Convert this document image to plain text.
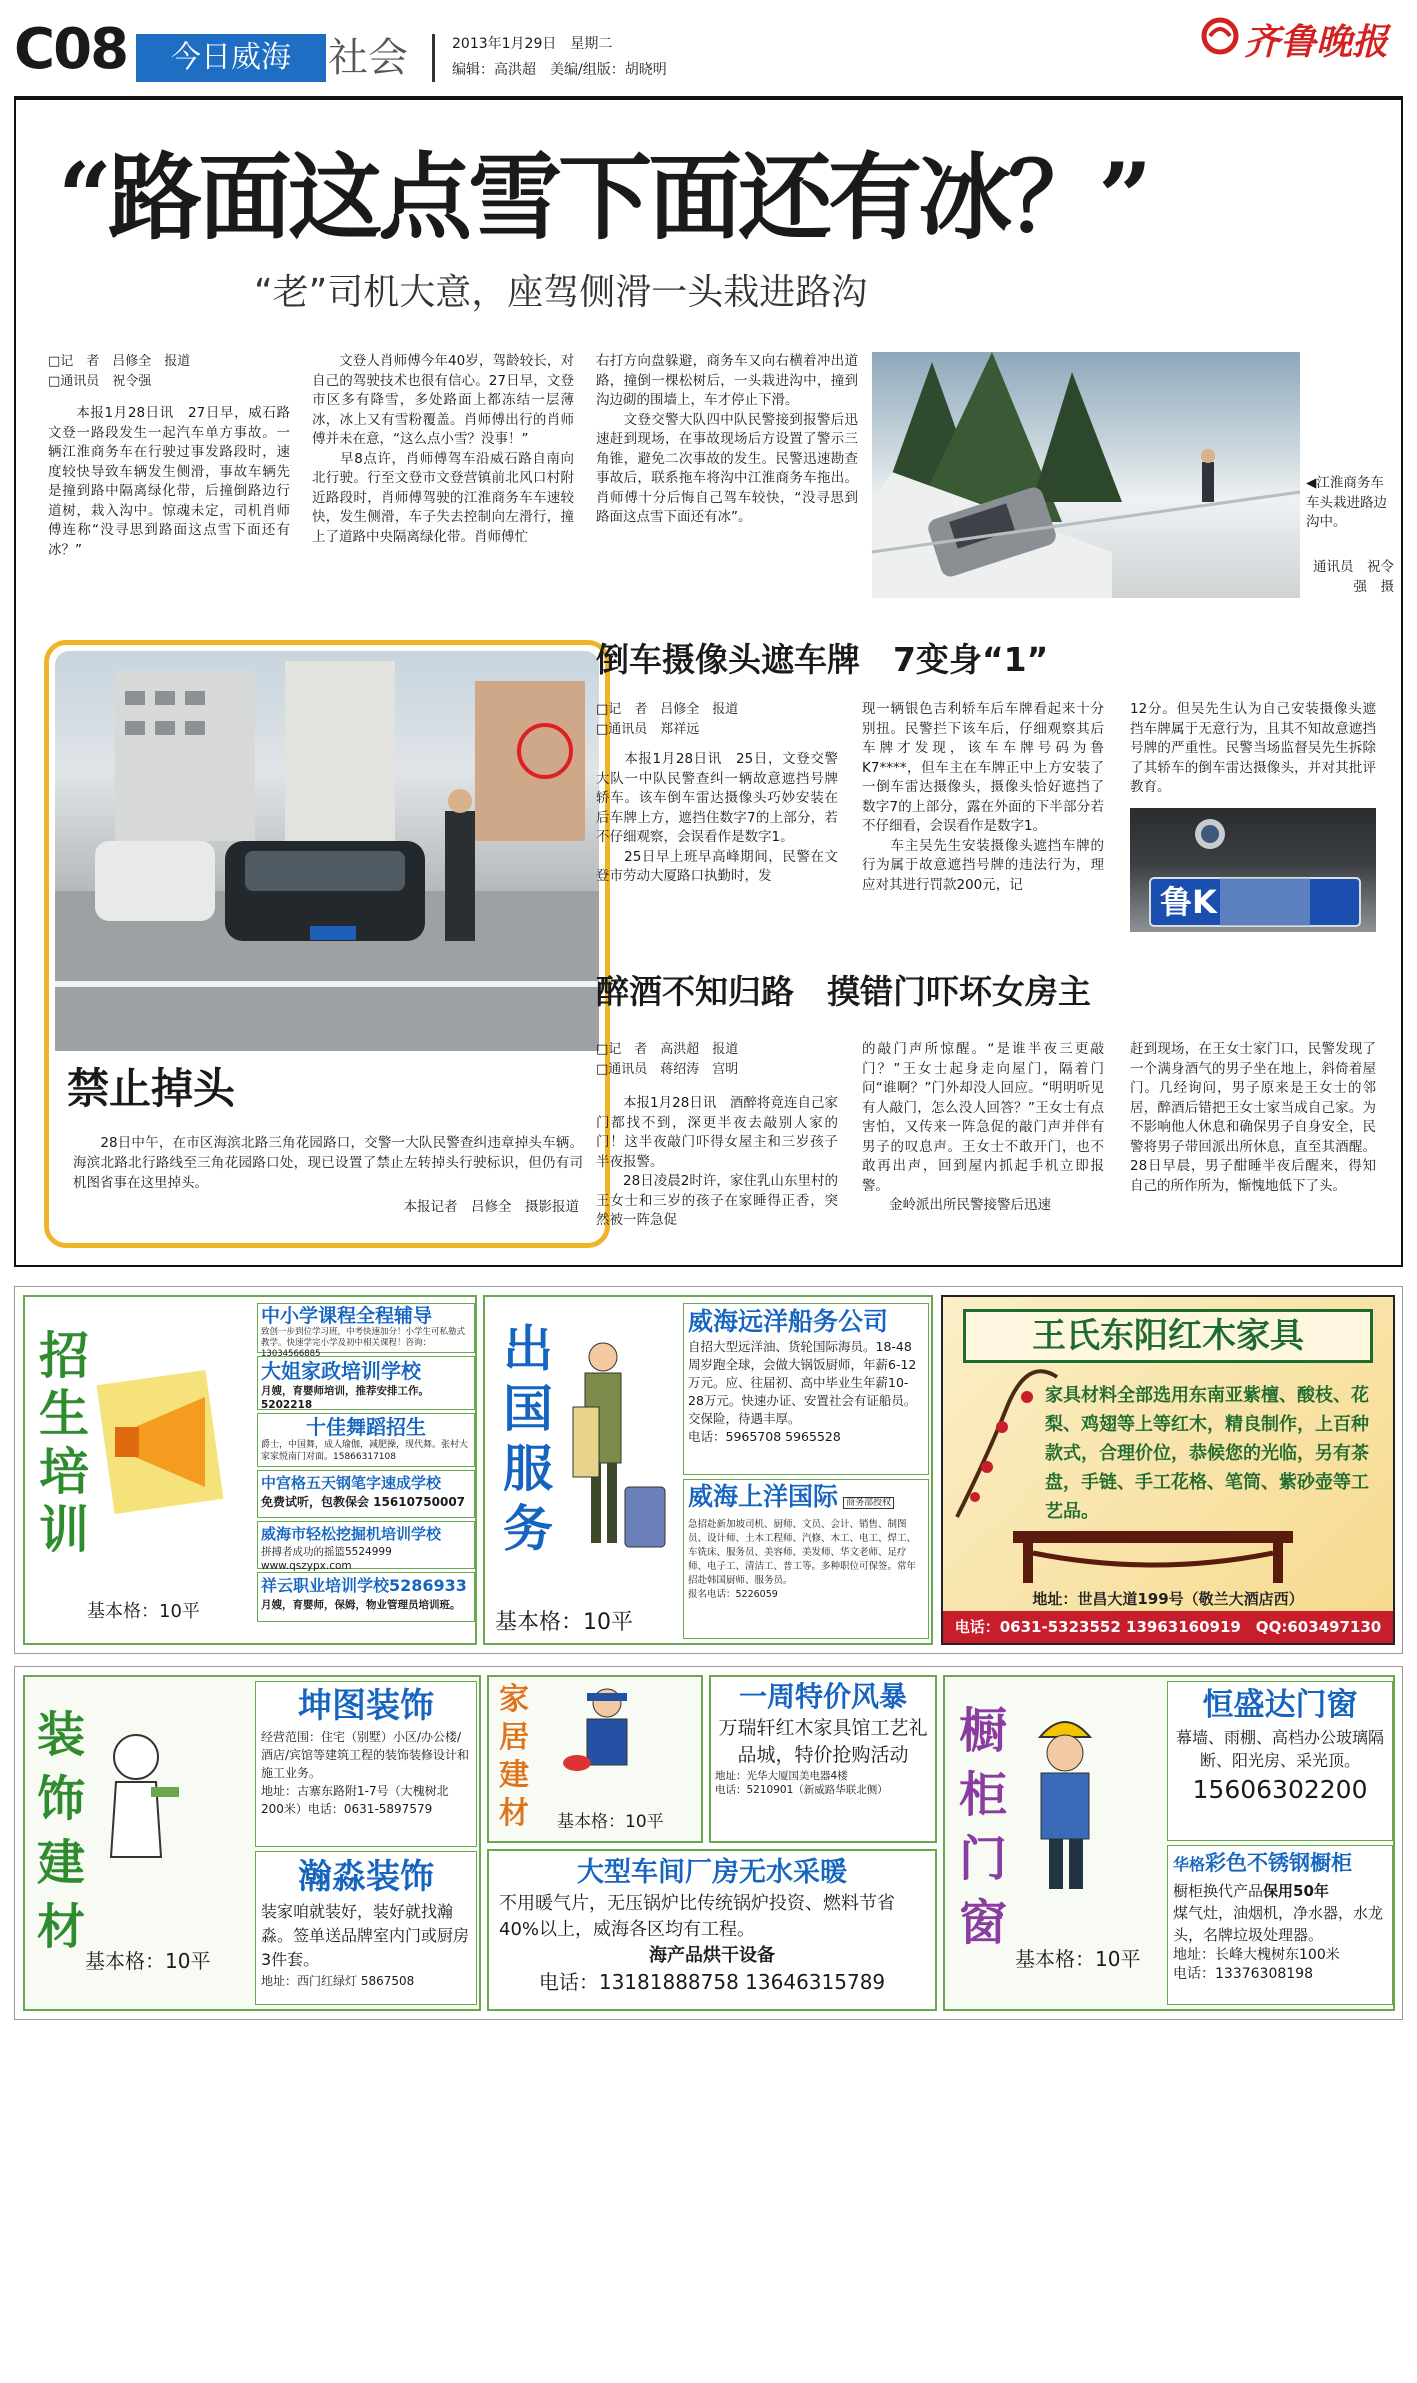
C08	今日威海 社会	2013年1月29日　星期二
编辑：高洪超　美编/组版：胡晓明
齐鲁晚报
“路面这点雪下面还有冰？”
“老”司机大意，座驾侧滑一头栽进路沟
□记　者　吕修全　报道
□通讯员　祝令强
　　本报1月28日讯　27日早，威石路文登一路段发生一起汽车单方事故。一辆江淮商务车在行驶过事发路段时，速度较快导致车辆发生侧滑，事故车辆先是撞到路中隔离绿化带，后撞倒路边行道树，栽入沟中。惊魂未定，司机肖师傅连称“没寻思到路面这点雪下面还有冰？”
　　文登人肖师傅今年40岁，驾龄较长，对自己的驾驶技术也很有信心。27日早，文登市区多有降雪，多处路面上都冻结一层薄冰，冰上又有雪粉覆盖。肖师傅出行的肖师傅并未在意，“这么点小雪？没事！”
　　早8点许，肖师傅驾车沿威石路自南向北行驶。行至文登市文登营镇前北风口村附近路段时，肖师傅驾驶的江淮商务车车速较快，发生侧滑，车子失去控制向左滑行，撞上了道路中央隔离绿化带。肖师傅忙
右打方向盘躲避，商务车又向右横着冲出道路，撞倒一棵松树后，一头栽进沟中，撞到沟边砌的围墙上，车才停止下滑。
　　文登交警大队四中队民警接到报警后迅速赶到现场，在事故现场后方设置了警示三角锥，避免二次事故的发生。民警迅速勘查事故后，联系拖车将沟中江淮商务车拖出。肖师傅十分后悔自己驾车较快，“没寻思到路面这点雪下面还有冰”。
◀江淮商务车车头栽进路边沟中。
通讯员　祝令强　摄
禁止掉头
　　28日中午，在市区海滨北路三角花园路口，交警一大队民警查纠违章掉头车辆。海滨北路北行路线至三角花园路口处，现已设置了禁止左转掉头行驶标识，但仍有司机图省事在这里掉头。
本报记者　吕修全　摄影报道
倒车摄像头遮车牌　7变身“1”
□记　者　吕修全　报道
□通讯员　郑祥远
　　本报1月28日讯　25日，文登交警大队一中队民警查纠一辆故意遮挡号牌轿车。该车倒车雷达摄像头巧妙安装在后车牌上方，遮挡住数字7的上部分，若不仔细观察，会误看作是数字1。
　　25日早上班早高峰期间，民警在文登市劳动大厦路口执勤时，发
现一辆银色吉利轿车后车牌看起来十分别扭。民警拦下该车后，仔细观察其后车牌才发现，该车车牌号码为鲁K7****，但车主在车牌正中上方安装了一倒车雷达摄像头，摄像头恰好遮挡了数字7的上部分，露在外面的下半部分若不仔细看，会误看作是数字1。
　　车主吴先生安装摄像头遮挡车牌的行为属于故意遮挡号牌的违法行为，理应对其进行罚款200元，记
12分。但吴先生认为自己安装摄像头遮挡车牌属于无意行为，且其不知故意遮挡号牌的严重性。民警当场监督吴先生拆除了其轿车的倒车雷达摄像头，并对其批评教育。
鲁K
醉酒不知归路　摸错门吓坏女房主
□记　者　高洪超　报道
□通讯员　蒋绍涛　宫明
　　本报1月28日讯　酒醉将竟连自己家门都找不到，深更半夜去敲别人家的门！这半夜敲门吓得女屋主和三岁孩子半夜报警。
　　28日凌晨2时许，家住乳山东里村的王女士和三岁的孩子在家睡得正香，突然被一阵急促
的敲门声所惊醒。“是谁半夜三更敲门？”王女士起身走向屋门，隔着门问“谁啊？”门外却没人回应。“明明听见有人敲门，怎么没人回答？”王女士有点害怕，又传来一阵急促的敲门声并伴有男子的叹息声。王女士不敢开门，也不敢再出声，回到屋内抓起手机立即报警。
　　金岭派出所民警接警后迅速
赶到现场，在王女士家门口，民警发现了一个满身酒气的男子坐在地上，斜倚着屋门。几经询问，男子原来是王女士的邻居，醉酒后错把王女士家当成自己家。为不影响他人休息和确保男子自身安全，民警将男子带回派出所休息，直至其酒醒。28日早晨，男子酣睡半夜后醒来，得知自己的所作所为，惭愧地低下了头。
招生培训
基本格：10平
中小学课程全程辅导
致创一步到位学习班，中考快速加分！小学生可私塾式教学。快速学完小学及初中相关课程！咨询：13034566885
大姐家政培训学校
月嫂，育婴师培训，推荐安排工作。5202218
十佳舞蹈招生
爵士，中国舞，成人瑜伽，减肥操，现代舞。张村大家家悦南门对面。15866317108
中宫格五天钢笔字速成学校
免费试听，包教保会 15610750007
威海市轻松挖掘机培训学校
拼搏者成功的摇篮5524999 www.qszypx.com
祥云职业培训学校5286933
月嫂，育婴师，保姆，物业管理员培训班。
出国服务
基本格：10平
威海远洋船务公司
自招大型远洋油、货轮国际海员。18-48周岁跑全球，会做大锅饭厨师，年薪6-12万元。应、往届初、高中毕业生年薪10-28万元。快速办证、安置社会有证船员。交保险，待遇丰厚。
电话：5965708 5965528
威海上洋国际 商务部授权
急招赴新加坡司机、厨师、文员、会计、销售、制图员、设计师、土木工程师、汽修、木工、电工、焊工、车铣床、服务员、美容师、美发师、华文老师、足疗师、电子工、清洁工、普工等。多种职位可保签。常年招赴韩国厨师、服务员。
报名电话：5226059
王氏东阳红木家具
家具材料全部选用东南亚紫檀、酸枝、花梨、鸡翅等上等红木，精良制作，上百种款式，合理价位，恭候您的光临，另有茶盘，手链、手工花格、笔筒、紫砂壶等工艺品。
地址：世昌大道199号（敬兰大酒店西）
电话：0631-5323552 13963160919　QQ:603497130
装饰建材
基本格：10平
坤图装饰
经营范围：住宅（别墅）小区/办公楼/酒店/宾馆等建筑工程的装饰装修设计和施工业务。
地址：古寨东路附1-7号（大槐树北200米）电话：0631-5897579
瀚淼装饰
装家咱就装好，装好就找瀚淼。签单送品牌室内门或厨房3件套。
地址：西门红绿灯 5867508
家居建材 基本格：10平
一周特价风暴
万瑞轩红木家具馆工艺礼品城，特价抢购活动
地址：光华大厦国美电器4楼
电话：5210901（新威路华联北侧）
大型车间厂房无水采暖
不用暖气片，无压锅炉比传统锅炉投资、燃料节省40%以上，威海各区均有工程。
海产品烘干设备
电话：13181888758 13646315789
橱柜门窗
基本格：10平
恒盛达门窗
幕墙、雨棚、高档办公玻璃隔断、阳光房、采光顶。
15606302200
华格彩色不锈钢橱柜
橱柜换代产品保用50年
煤气灶，油烟机，净水器，水龙头，名牌垃圾处理器。
地址：长峰大槐树东100米
电话：13376308198
